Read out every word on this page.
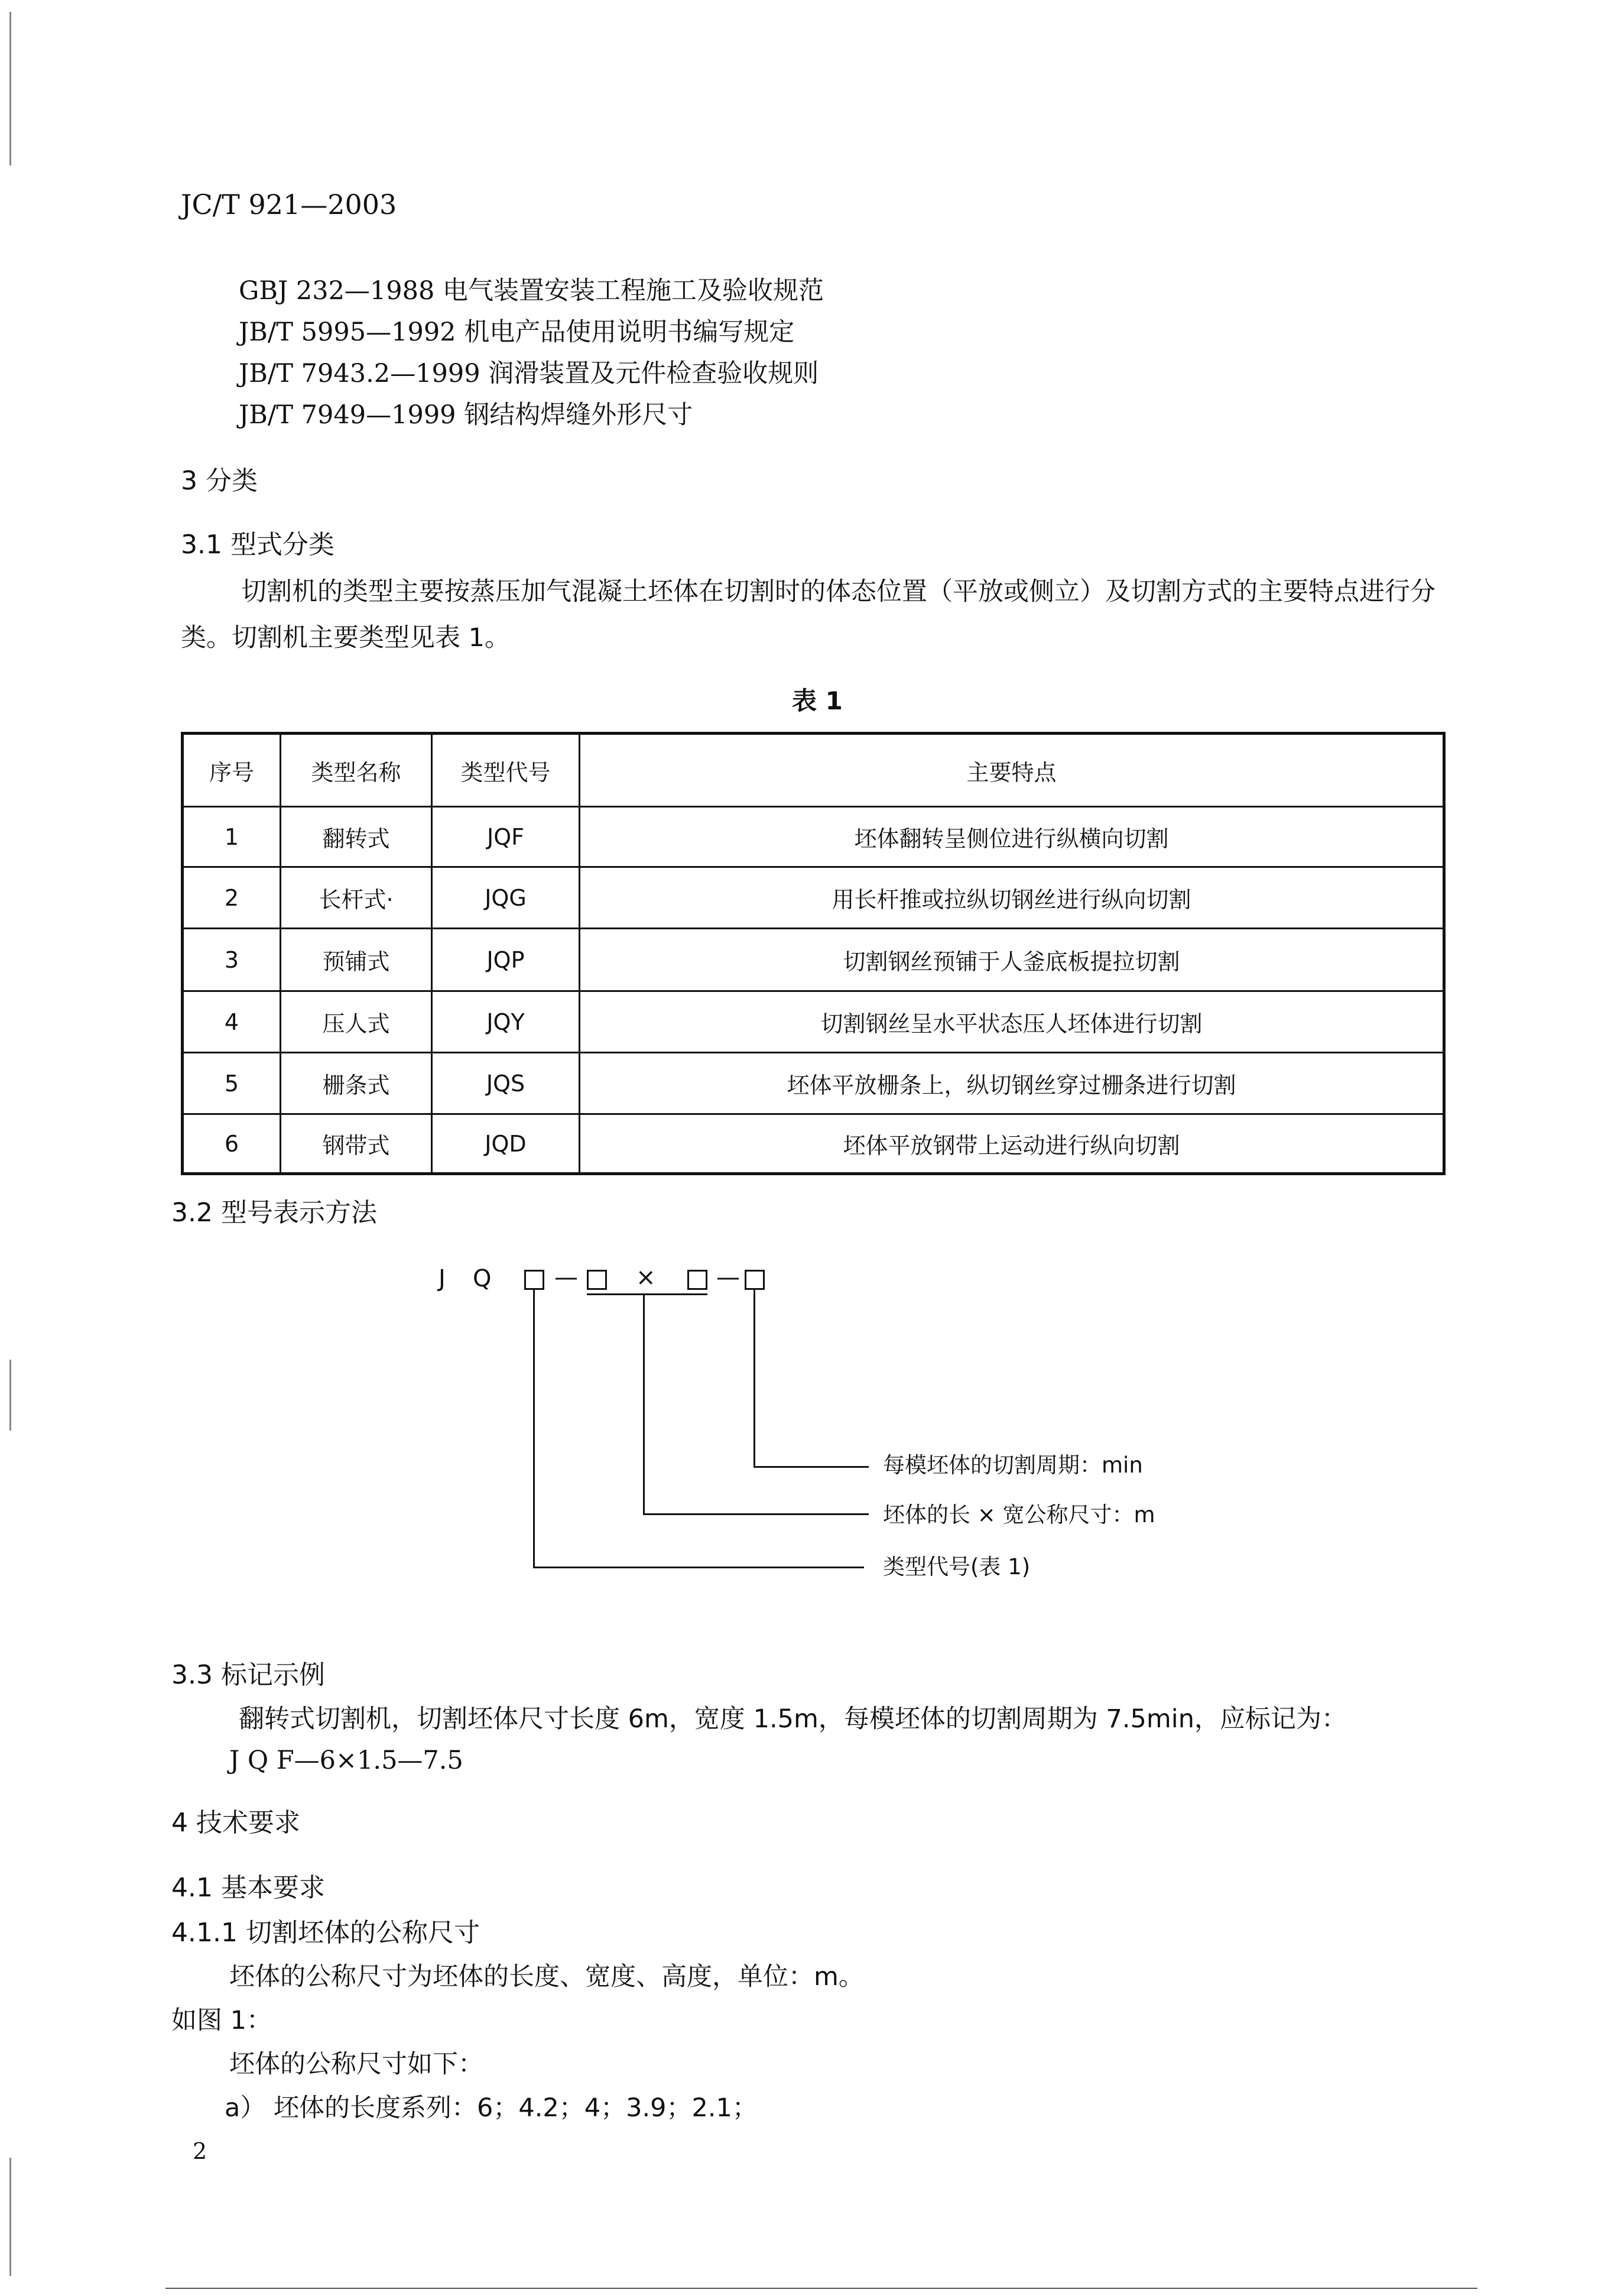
JC/T 921—2003
GBJ 232—1988 电气装置安装工程施工及验收规范
JB/T 5995—1992 机电产品使用说明书编写规定
JB/T 7943.2—1999 润滑装置及元件检查验收规则
JB/T 7949—1999 钢结构焊缝外形尺寸
3 分类
3.1 型式分类
切割机的类型主要按蒸压加气混凝土坯体在切割时的体态位置（平放或侧立）及切割方式的主要特点进行分类。切割机主要类型见表 1。
表 1
序号	类型名称	类型代号	主要特点
1	翻转式	JQF	坯体翻转呈侧位进行纵横向切割
2	长杆式·	JQG	用长杆推或拉纵切钢丝进行纵向切割
3	预铺式	JQP	切割钢丝预铺于人釜底板提拉切割
4	压人式	JQY	切割钢丝呈水平状态压人坯体进行切割
5	栅条式	JQS	坯体平放栅条上，纵切钢丝穿过栅条进行切割
6	钢带式	JQD	坯体平放钢带上运动进行纵向切割
3.2 型号表示方法
J Q	— ×	—
每模坯体的切割周期：min
坯体的长 × 宽公称尺寸：m
类型代号(表 1)
3.3 标记示例
翻转式切割机，切割坯体尺寸长度 6m，宽度 1.5m，每模坯体的切割周期为 7.5min，应标记为：
J Q F—6×1.5—7.5
4 技术要求
4.1 基本要求
4.1.1 切割坯体的公称尺寸
坯体的公称尺寸为坯体的长度、宽度、高度，单位：m。
如图 1：
坯体的公称尺寸如下：
a） 坯体的长度系列：6；4.2；4；3.9；2.1；
2
